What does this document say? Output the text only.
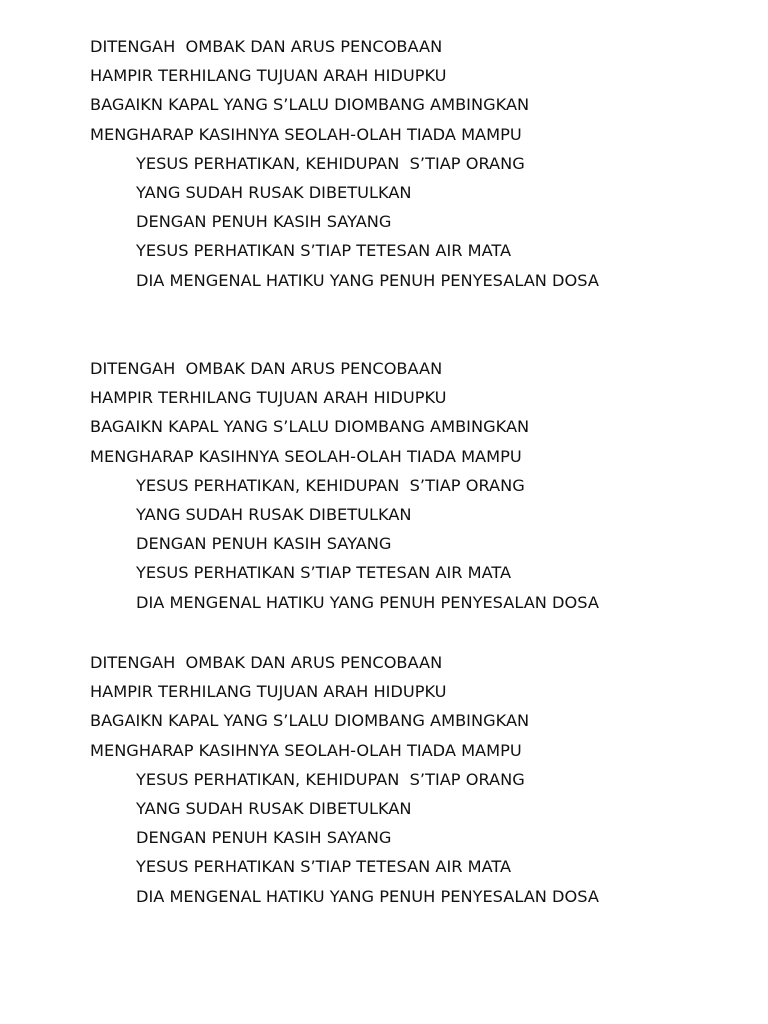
DITENGAH  OMBAK DAN ARUS PENCOBAAN
HAMPIR TERHILANG TUJUAN ARAH HIDUPKU
BAGAIKN KAPAL YANG S’LALU DIOMBANG AMBINGKAN
MENGHARAP KASIHNYA SEOLAH-OLAH TIADA MAMPU
YESUS PERHATIKAN, KEHIDUPAN  S’TIAP ORANG
YANG SUDAH RUSAK DIBETULKAN
DENGAN PENUH KASIH SAYANG
YESUS PERHATIKAN S’TIAP TETESAN AIR MATA
DIA MENGENAL HATIKU YANG PENUH PENYESALAN DOSA
DITENGAH  OMBAK DAN ARUS PENCOBAAN
HAMPIR TERHILANG TUJUAN ARAH HIDUPKU
BAGAIKN KAPAL YANG S’LALU DIOMBANG AMBINGKAN
MENGHARAP KASIHNYA SEOLAH-OLAH TIADA MAMPU
YESUS PERHATIKAN, KEHIDUPAN  S’TIAP ORANG
YANG SUDAH RUSAK DIBETULKAN
DENGAN PENUH KASIH SAYANG
YESUS PERHATIKAN S’TIAP TETESAN AIR MATA
DIA MENGENAL HATIKU YANG PENUH PENYESALAN DOSA
DITENGAH  OMBAK DAN ARUS PENCOBAAN
HAMPIR TERHILANG TUJUAN ARAH HIDUPKU
BAGAIKN KAPAL YANG S’LALU DIOMBANG AMBINGKAN
MENGHARAP KASIHNYA SEOLAH-OLAH TIADA MAMPU
YESUS PERHATIKAN, KEHIDUPAN  S’TIAP ORANG
YANG SUDAH RUSAK DIBETULKAN
DENGAN PENUH KASIH SAYANG
YESUS PERHATIKAN S’TIAP TETESAN AIR MATA
DIA MENGENAL HATIKU YANG PENUH PENYESALAN DOSA
